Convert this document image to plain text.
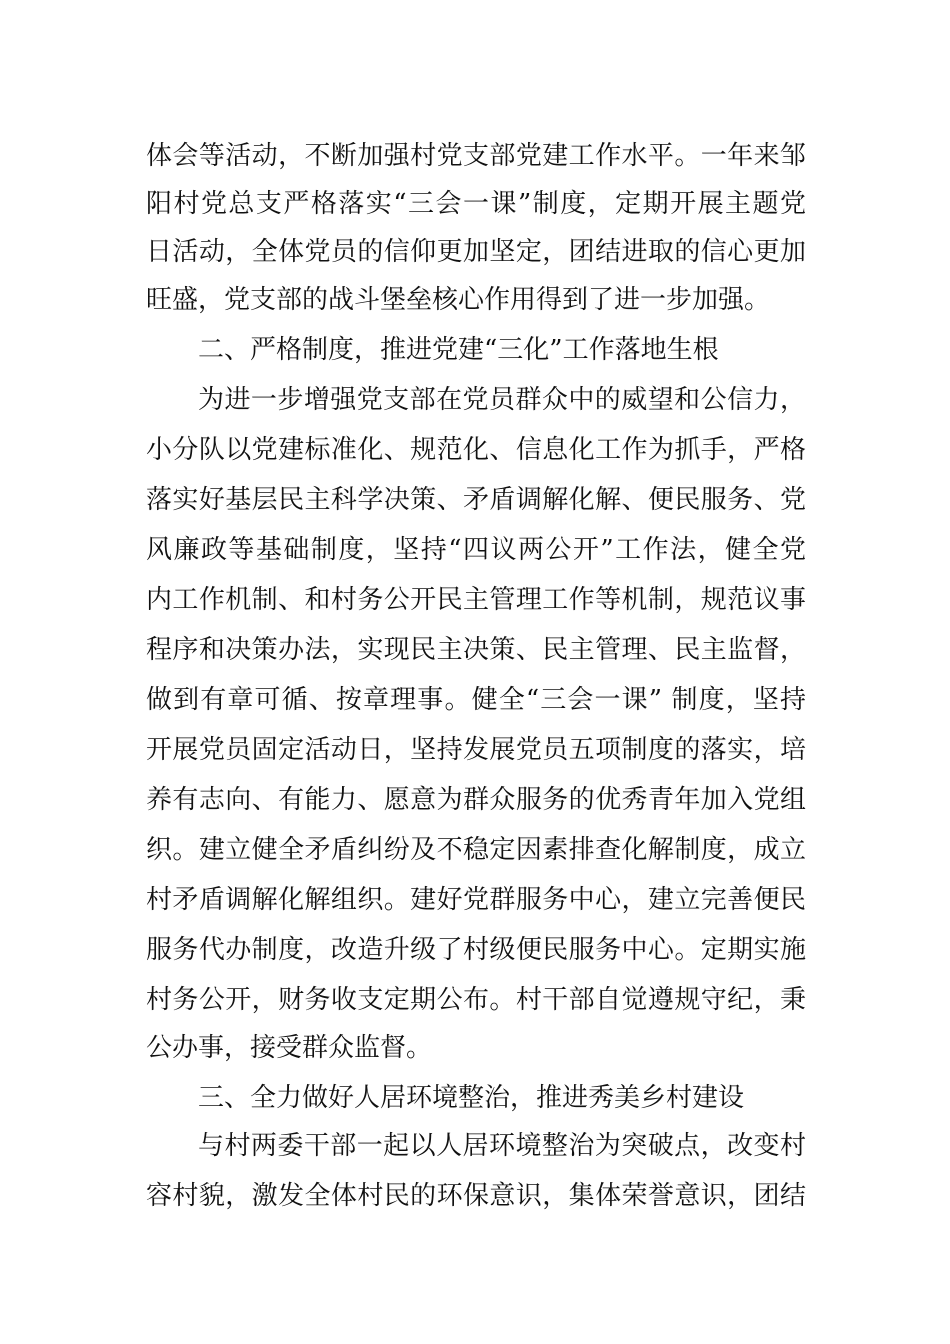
体会等活动，不断加强村党支部党建工作水平。一年来邹
阳村党总支严格落实“三会一课”制度，定期开展主题党
日活动，全体党员的信仰更加坚定，团结进取的信心更加
旺盛，党支部的战斗堡垒核心作用得到了进一步加强。
二、严格制度，推进党建“三化”工作落地生根
为进一步增强党支部在党员群众中的威望和公信力，
小分队以党建标准化、规范化、信息化工作为抓手，严格
落实好基层民主科学决策、矛盾调解化解、便民服务、党
风廉政等基础制度，坚持“四议两公开”工作法，健全党
内工作机制、和村务公开民主管理工作等机制，规范议事
程序和决策办法，实现民主决策、民主管理、民主监督，
做到有章可循、按章理事。健全“三会一课” 制度，坚持
开展党员固定活动日，坚持发展党员五项制度的落实，培
养有志向、有能力、愿意为群众服务的优秀青年加入党组
织。建立健全矛盾纠纷及不稳定因素排查化解制度，成立
村矛盾调解化解组织。建好党群服务中心，建立完善便民
服务代办制度，改造升级了村级便民服务中心。定期实施
村务公开，财务收支定期公布。村干部自觉遵规守纪，秉
公办事，接受群众监督。
三、全力做好人居环境整治，推进秀美乡村建设
与村两委干部一起以人居环境整治为突破点，改变村
容村貌，激发全体村民的环保意识，集体荣誉意识，团结
